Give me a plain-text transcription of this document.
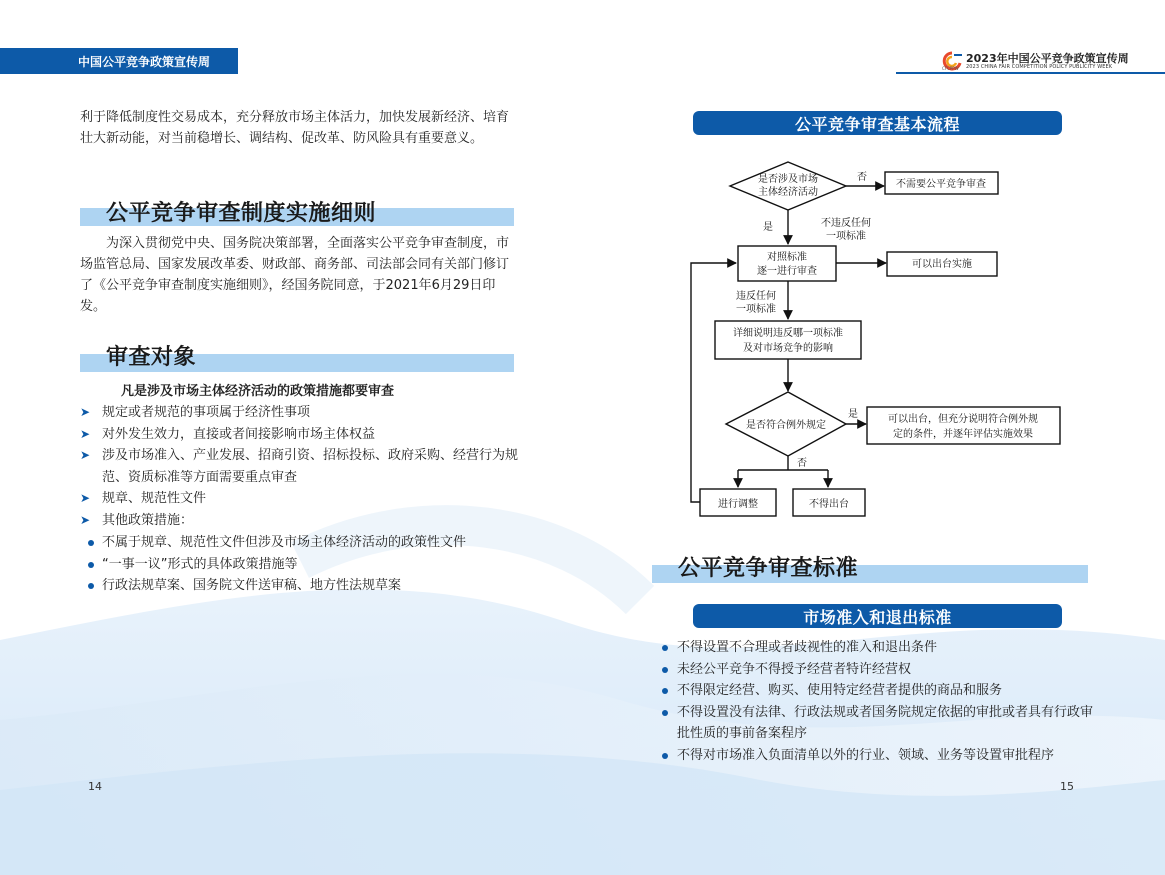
中国公平竞争政策宣传周	CFCPPW
2023年中国公平竞争政策宣传周
2023 CHINA FAIR COMPETITION POLICY PUBLICITY WEEK
利于降低制度性交易成本，充分释放市场主体活力，加快发展新经济、培育壮大新动能，对当前稳增长、调结构、促改革、防风险具有重要意义。
公平竞争审查制度实施细则
为深入贯彻党中央、国务院决策部署，全面落实公平竞争审查制度，市场监管总局、国家发展改革委、财政部、商务部、司法部会同有关部门修订了《公平竞争审查制度实施细则》，经国务院同意，于2021年6月29日印发。
审查对象
凡是涉及市场主体经济活动的政策措施都要审查
➤ 规定或者规范的事项属于经济性事项
➤ 对外发生效力，直接或者间接影响市场主体权益
➤ 涉及市场准入、产业发展、招商引资、招标投标、政府采购、经营行为规范、资质标准等方面需要重点审查
➤ 规章、规范性文件
➤ 其他政策措施：
不属于规章、规范性文件但涉及市场主体经济活动的政策性文件
“一事一议”形式的具体政策措施等
行政法规草案、国务院文件送审稿、地方性法规草案
14
公平竞争审查基本流程
是否涉及市场
主体经济活动
否
不需要公平竞争审查
是	不违反任何
一项标准
对照标准
逐一进行审查
可以出台实施
违反任何
一项标准
详细说明违反哪一项标准
及对市场竞争的影响
是否符合例外规定
是	可以出台，但充分说明符合例外规
定的条件，并逐年评估实施效果
否
进行调整	不得出台
公平竞争审查标准
市场准入和退出标准
不得设置不合理或者歧视性的准入和退出条件
未经公平竞争不得授予经营者特许经营权
不得限定经营、购买、使用特定经营者提供的商品和服务
不得设置没有法律、行政法规或者国务院规定依据的审批或者具有行政审批性质的事前备案程序
不得对市场准入负面清单以外的行业、领域、业务等设置审批程序
15
